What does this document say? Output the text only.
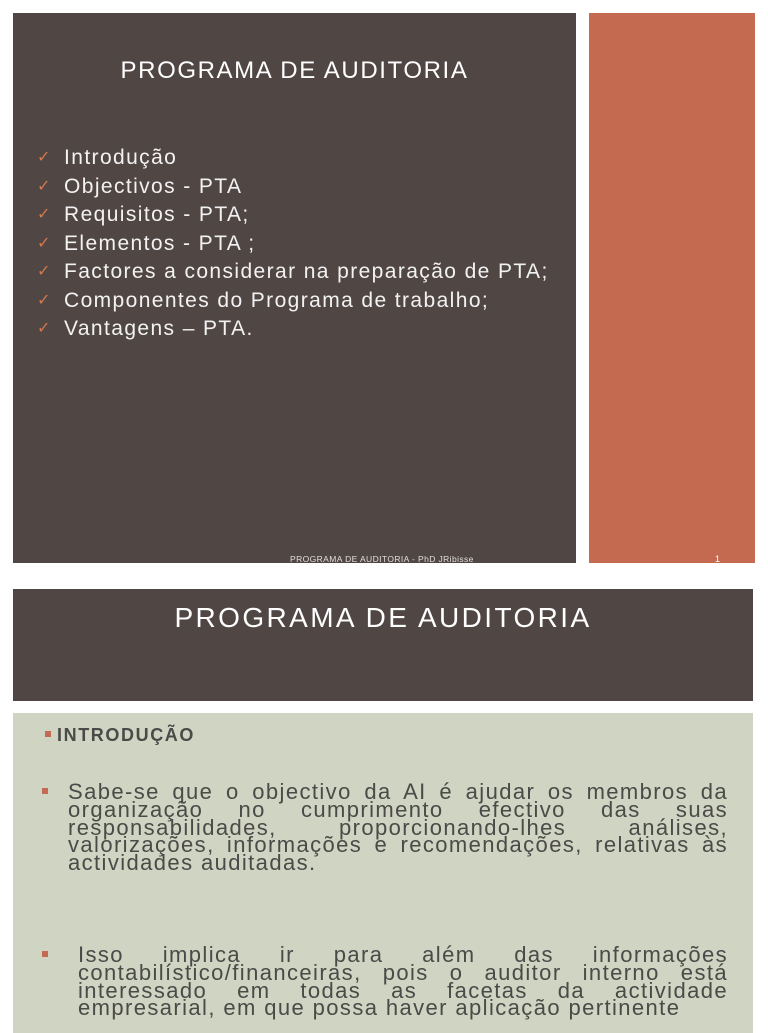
PROGRAMA DE AUDITORIA
✓ Introdução
✓ Objectivos - PTA
✓ Requisitos - PTA;
✓ Elementos - PTA ;
✓ Factores a considerar na preparação de PTA;
✓ Componentes do Programa de trabalho;
✓ Vantagens – PTA.
PROGRAMA DE AUDITORIA - PhD JRibisse	1
PROGRAMA DE AUDITORIA
INTRODUÇÃO
Sabe-se que o objectivo da AI é ajudar os membros da organização no cumprimento efectivo das suas responsabilidades, proporcionando-lhes análises, valorizações, informações e recomendações, relativas às actividades auditadas.
Isso implica ir para além das informações contabilístico/financeiras, pois o auditor interno está interessado em todas as facetas da actividade empresarial, em que possa haver aplicação pertinente
